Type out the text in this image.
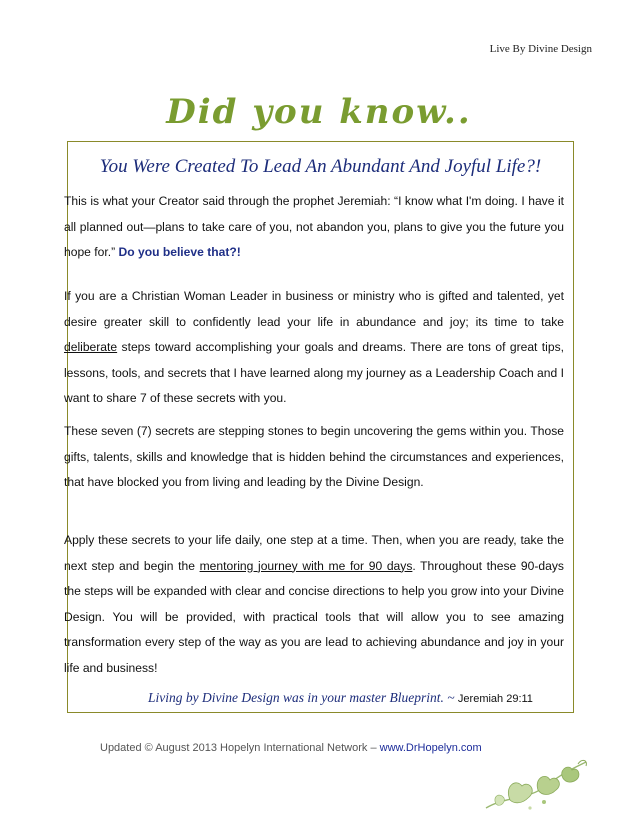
Live By Divine Design
Did you know..
You Were Created To Lead An Abundant And Joyful Life?!

This is what your Creator said through the prophet Jeremiah: “I know what I'm doing. I have it all planned out—plans to take care of you, not abandon you, plans to give you the future you hope for.” Do you believe that?!

If you are a Christian Woman Leader in business or ministry who is gifted and talented, yet desire greater skill to confidently lead your life in abundance and joy; its time to take deliberate steps toward accomplishing your goals and dreams. There are tons of great tips, lessons, tools, and secrets that I have learned along my journey as a Leadership Coach and I want to share 7 of these secrets with you.

These seven (7) secrets are stepping stones to begin uncovering the gems within you. Those gifts, talents, skills and knowledge that is hidden behind the circumstances and experiences, that have blocked you from living and leading by the Divine Design.

Apply these secrets to your life daily, one step at a time. Then, when you are ready, take the next step and begin the mentoring journey with me for 90 days. Throughout these 90-days the steps will be expanded with clear and concise directions to help you grow into your Divine Design. You will be provided, with practical tools that will allow you to see amazing transformation every step of the way as you are lead to achieving abundance and joy in your life and business!

Living by Divine Design was in your master Blueprint. ~ Jeremiah 29:11
Updated © August 2013 Hopelyn International Network – www.DrHopelyn.com
